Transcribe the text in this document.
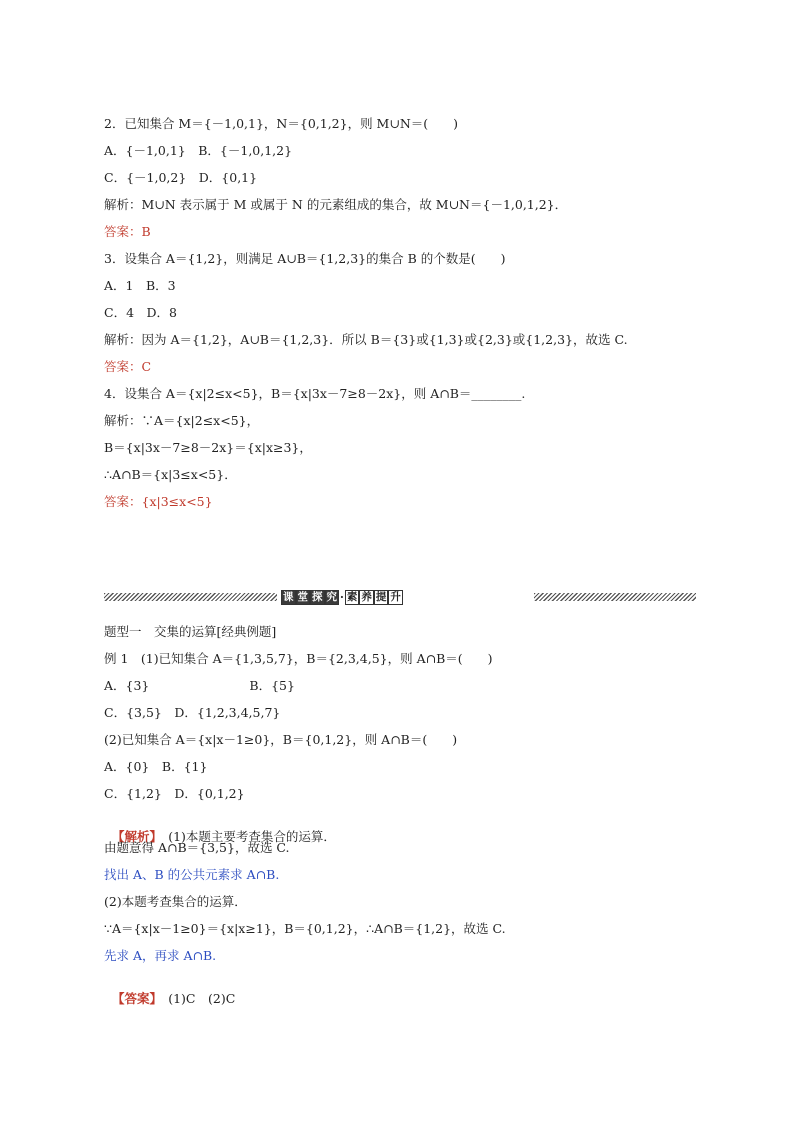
2．已知集合 M＝{－1,0,1}，N＝{0,1,2}，则 M∪N＝(　　)
A．{－1,0,1}　B．{－1,0,1,2}
C．{－1,0,2}　D．{0,1}
解析：M∪N 表示属于 M 或属于 N 的元素组成的集合，故 M∪N＝{－1,0,1,2}．
答案：B
3．设集合 A＝{1,2}，则满足 A∪B＝{1,2,3}的集合 B 的个数是(　　)
A．1　B．3
C．4　D．8
解析：因为 A＝{1,2}，A∪B＝{1,2,3}．所以 B＝{3}或{1,3}或{2,3}或{1,2,3}，故选 C.
答案：C
4．设集合 A＝{x|2≤x<5}，B＝{x|3x－7≥8－2x}，则 A∩B＝________.
解析：∵A＝{x|2≤x<5}，
B＝{x|3x－7≥8－2x}＝{x|x≥3}，
∴A∩B＝{x|3≤x<5}．
答案：{x|3≤x<5}
课 堂 探 究 · 素 养 提 升
题型一　交集的运算[经典例题]
例 1　(1)已知集合 A＝{1,3,5,7}，B＝{2,3,4,5}，则 A∩B＝(　　)
A．{3}　　　　　　　　B．{5}
C．{3,5}　D．{1,2,3,4,5,7}
(2)已知集合 A＝{x|x－1≥0}，B＝{0,1,2}，则 A∩B＝(　　)
A．{0}　B．{1}
C．{1,2}　D．{0,1,2}

【解析】　(1)本题主要考查集合的运算．

由题意得 A∩B＝{3,5}，故选 C.
找出 A、B 的公共元素求 A∩B.
(2)本题考查集合的运算．
∵A＝{x|x－1≥0}＝{x|x≥1}，B＝{0,1,2}，∴A∩B＝{1,2}，故选 C.
先求 A，再求 A∩B.

【答案】　(1)C　(2)C
